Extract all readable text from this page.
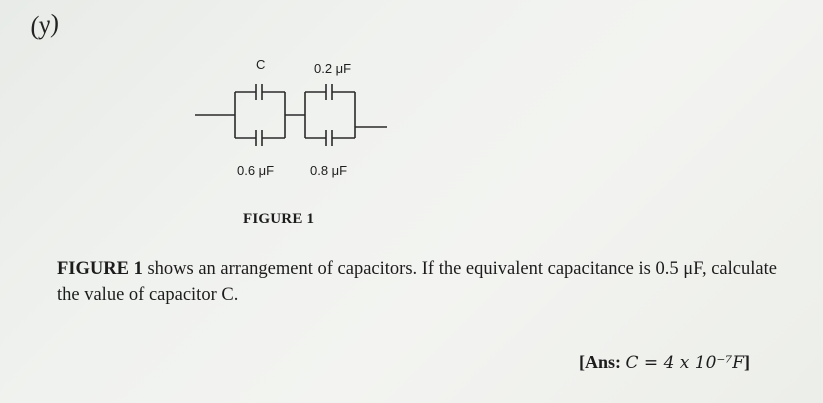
(y)
C	0.2 μF
0.6 μF	0.8 μF
FIGURE 1
FIGURE 1 shows an arrangement of capacitors. If the equivalent capacitance is 0.5 μF, calculate the value of capacitor C.
[Ans: C = 4 x 10⁻⁷F]
